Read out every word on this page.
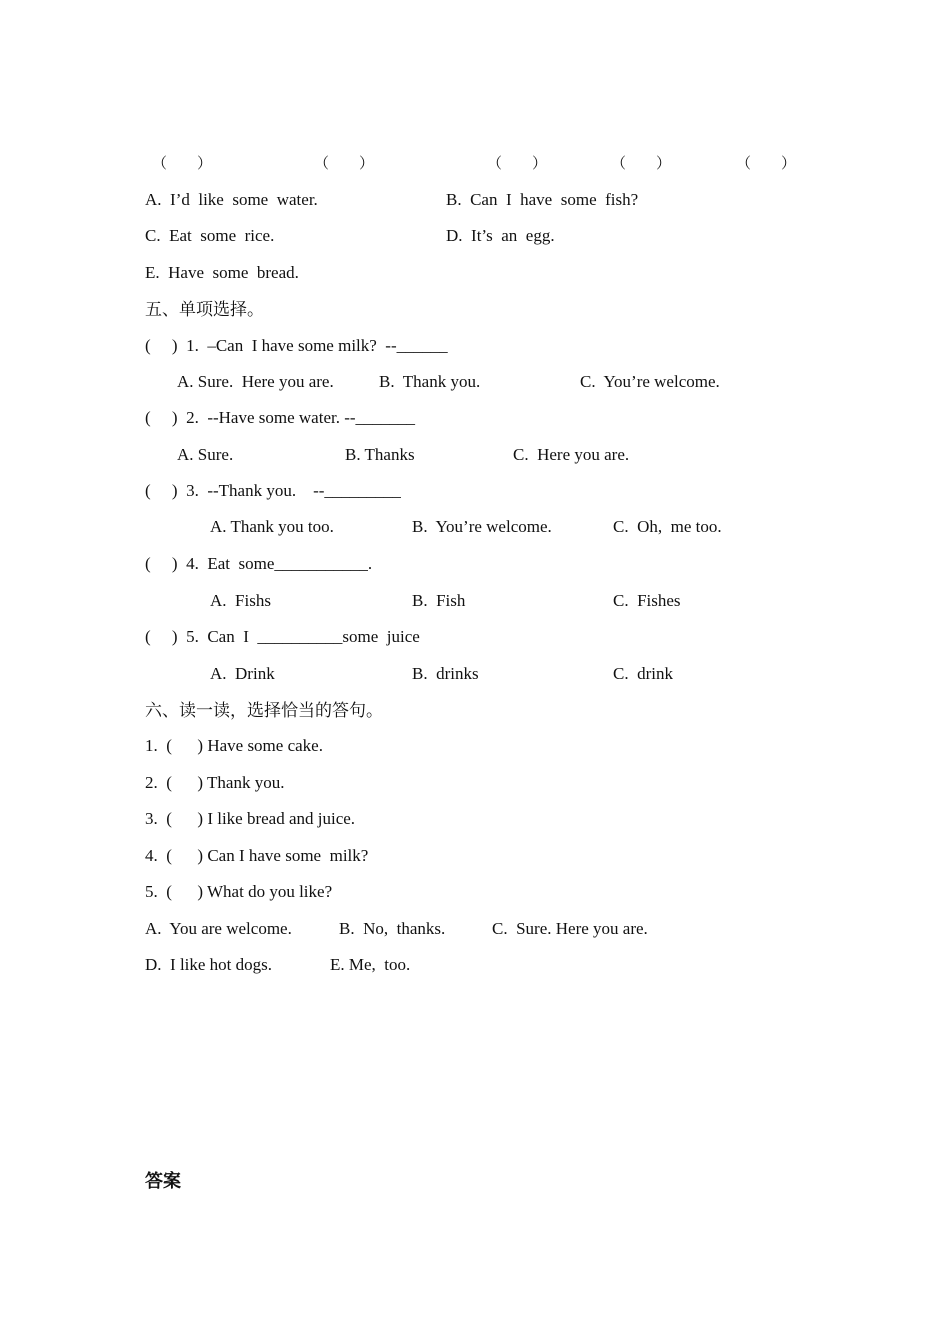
（　　）	（　　）	（　　）	（　　）	（　　）
A.  I’d  like  some  water.	B.  Can  I  have  some  fish?
C.  Eat  some  rice.	D.  It’s  an  egg.
E.  Have  some  bread.
五、单项选择。
(     )  1.  –Can  I have some milk?  --______
A. Sure.  Here you are.	B.  Thank you.	C.  You’re welcome.
(     )  2.  --Have some water. --_______
A. Sure.	B. Thanks	C.  Here you are.
(     )  3.  --Thank you.    --_________
A. Thank you too.	B.  You’re welcome.	C.  Oh,  me too.
(     )  4.  Eat  some___________.
A.  Fishs	B.  Fish	C.  Fishes
(     )  5.  Can  I  __________some  juice
A.  Drink	B.  drinks	C.  drink
六、读一读，选择恰当的答句。
1.  (      ) Have some cake.
2.  (      ) Thank you.
3.  (      ) I like bread and juice.
4.  (      ) Can I have some  milk?
5.  (      ) What do you like?
A.  You are welcome.	B.  No,  thanks.	C.  Sure. Here you are.
D.  I like hot dogs.	E. Me,  too.
答案
